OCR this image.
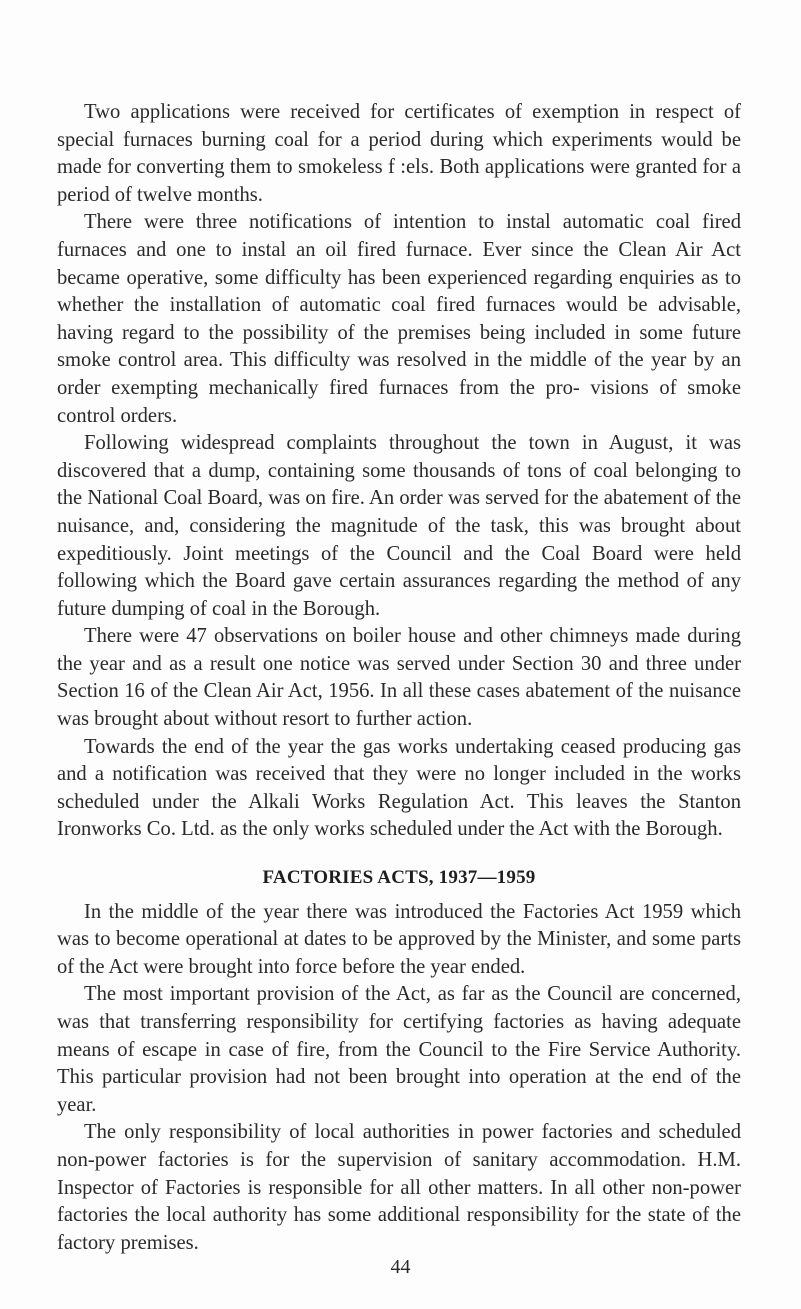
Two applications were received for certificates of exemption in respect of special furnaces burning coal for a period during which experiments would be made for converting them to smokeless f :els. Both applications were granted for a period of twelve months.

There were three notifications of intention to instal automatic coal fired furnaces and one to instal an oil fired furnace. Ever since the Clean Air Act became operative, some difficulty has been experienced regarding enquiries as to whether the installation of automatic coal fired furnaces would be advisable, having regard to the possibility of the premises being included in some future smoke control area. This difficulty was resolved in the middle of the year by an order exempting mechanically fired furnaces from the pro- visions of smoke control orders.

Following widespread complaints throughout the town in August, it was discovered that a dump, containing some thousands of tons of coal belonging to the National Coal Board, was on fire. An order was served for the abatement of the nuisance, and, considering the magnitude of the task, this was brought about expeditiously. Joint meetings of the Council and the Coal Board were held following which the Board gave certain assurances regarding the method of any future dumping of coal in the Borough.

There were 47 observations on boiler house and other chimneys made during the year and as a result one notice was served under Section 30 and three under Section 16 of the Clean Air Act, 1956. In all these cases abatement of the nuisance was brought about without resort to further action.

Towards the end of the year the gas works undertaking ceased producing gas and a notification was received that they were no longer included in the works scheduled under the Alkali Works Regulation Act. This leaves the Stanton Ironworks Co. Ltd. as the only works scheduled under the Act with the Borough.

FACTORIES ACTS, 1937—1959

In the middle of the year there was introduced the Factories Act 1959 which was to become operational at dates to be approved by the Minister, and some parts of the Act were brought into force before the year ended.

The most important provision of the Act, as far as the Council are concerned, was that transferring responsibility for certifying factories as having adequate means of escape in case of fire, from the Council to the Fire Service Authority. This particular provision had not been brought into operation at the end of the year.

The only responsibility of local authorities in power factories and scheduled non-power factories is for the supervision of sanitary accommodation. H.M. Inspector of Factories is responsible for all other matters. In all other non-power factories the local authority has some additional responsibility for the state of the factory premises.

44
